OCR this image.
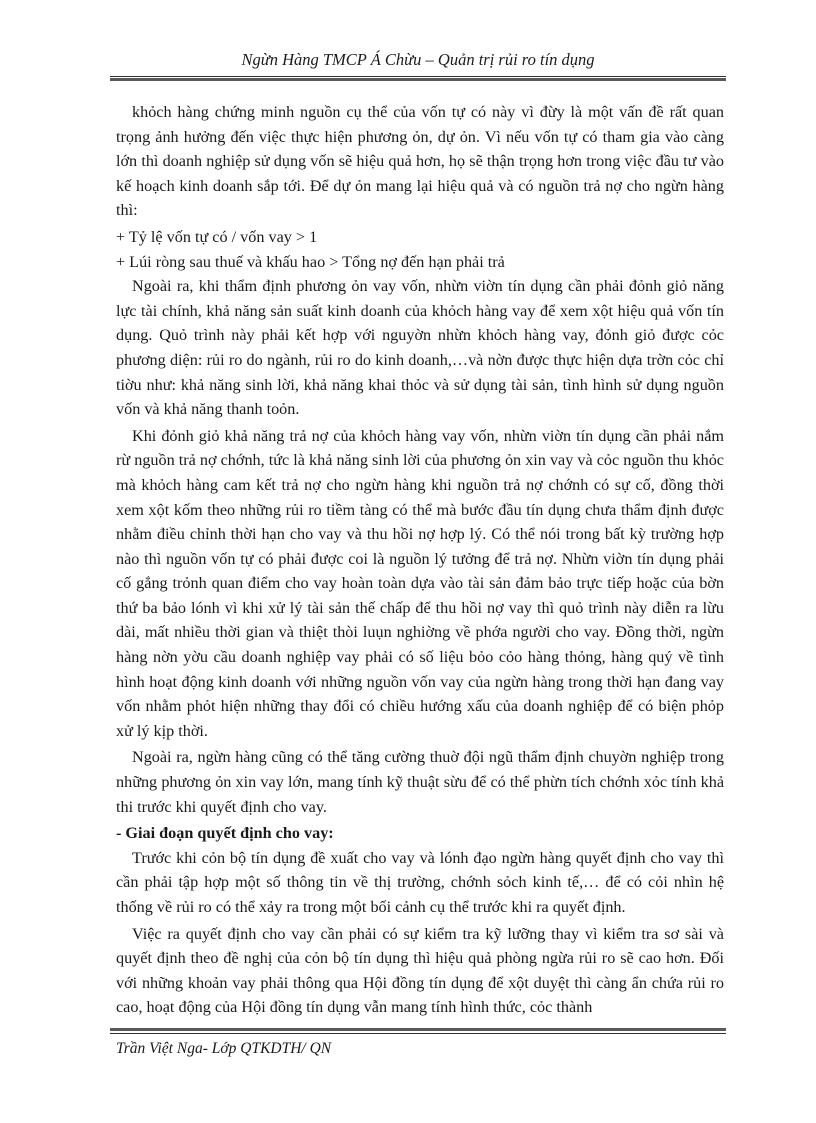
Ngừn Hàng TMCP Á Chừu – Quản trị rủi ro tín dụng

khỏch hàng chứng minh nguồn cụ thể của vốn tự có này vì đừy là một vấn đề rất quan trọng ảnh hưởng đến việc thực hiện phương ỏn, dự ỏn. Vì nếu vốn tự có tham gia vào càng lớn thì doanh nghiệp sử dụng vốn sẽ hiệu quả hơn, họ sẽ thận trọng hơn trong việc đầu tư vào kế hoạch kinh doanh sắp tới. Để dự ỏn mang lại hiệu quả và có nguồn trả nợ cho ngừn hàng thì:

+ Tỷ lệ vốn tự có / vốn vay > 1

+ Lúi ròng sau thuế và khấu hao > Tổng nợ đến hạn phải trả

Ngoài ra, khi thẩm định phương ỏn vay vốn, nhừn viờn tín dụng cần phải đỏnh giỏ năng lực tài chính, khả năng sản suất kinh doanh của khỏch hàng vay để xem xột hiệu quả vốn tín dụng. Quỏ trình này phải kết hợp với nguyờn nhừn khỏch hàng vay, đỏnh giỏ được cỏc phương diện: rủi ro do ngành, rủi ro do kinh doanh,…và nờn được thực hiện dựa trờn cỏc chỉ tiờu như: khả năng sinh lời, khả năng khai thỏc và sử dụng tài sản, tình hình sử dụng nguồn vốn và khả năng thanh toỏn.

Khi đỏnh giỏ khả năng trả nợ của khỏch hàng vay vốn, nhừn viờn tín dụng cần phải nắm rừ nguồn trả nợ chớnh, tức là khả năng sinh lời của phương ỏn xin vay và cỏc nguồn thu khỏc mà khỏch hàng cam kết trả nợ cho ngừn hàng khi nguồn trả nợ chớnh có sự cố, đồng thời xem xột kốm theo những rủi ro tiềm tàng có thể mà bước đầu tín dụng chưa thẩm định được nhằm điều chỉnh thời hạn cho vay và thu hồi nợ hợp lý. Có thể nói trong bất kỳ trường hợp nào thì nguồn vốn tự có phải được coi là nguồn lý tưởng để trả nợ. Nhừn viờn tín dụng phải cố gắng trỏnh quan điểm cho vay hoàn toàn dựa vào tài sản đảm bảo trực tiếp hoặc của bờn thứ ba bảo lónh vì khi xử lý tài sản thế chấp để thu hồi nợ vay thì quỏ trình này diễn ra lừu dài, mất nhiều thời gian và thiệt thòi luụn nghiờng về phớa người cho vay. Đồng thời, ngừn hàng nờn yờu cầu doanh nghiệp vay phải có số liệu bỏo cỏo hàng thỏng, hàng quý về tình hình hoạt động kinh doanh với những nguồn vốn vay của ngừn hàng trong thời hạn đang vay vốn nhằm phỏt hiện những thay đổi có chiều hướng xấu của doanh nghiệp để có biện phỏp xử lý kịp thời.

Ngoài ra, ngừn hàng cũng có thể tăng cường thuờ đội ngũ thẩm định chuyờn nghiệp trong những phương ỏn xin vay lớn, mang tính kỹ thuật sừu để có thể phừn tích chớnh xỏc tính khả thi trước khi quyết định cho vay.

- Giai đoạn quyết định cho vay:

Trước khi cỏn bộ tín dụng đề xuất cho vay và lónh đạo ngừn hàng quyết định cho vay thì cần phải tập hợp một số thông tin về thị trường, chớnh sỏch kinh tế,… để có cỏi nhìn hệ thống về rủi ro có thể xảy ra trong một bối cảnh cụ thể trước khi ra quyết định.

Việc ra quyết định cho vay cần phải có sự kiểm tra kỹ lưỡng thay vì kiểm tra sơ sài và quyết định theo đề nghị của cỏn bộ tín dụng thì hiệu quả phòng ngừa rủi ro sẽ cao hơn. Đối với những khoản vay phải thông qua Hội đồng tín dụng để xột duyệt thì càng ẩn chứa rủi ro cao, hoạt động của Hội đồng tín dụng vẫn mang tính hình thức, cỏc thành

Trần Việt Nga- Lớp QTKDTH/ QN
